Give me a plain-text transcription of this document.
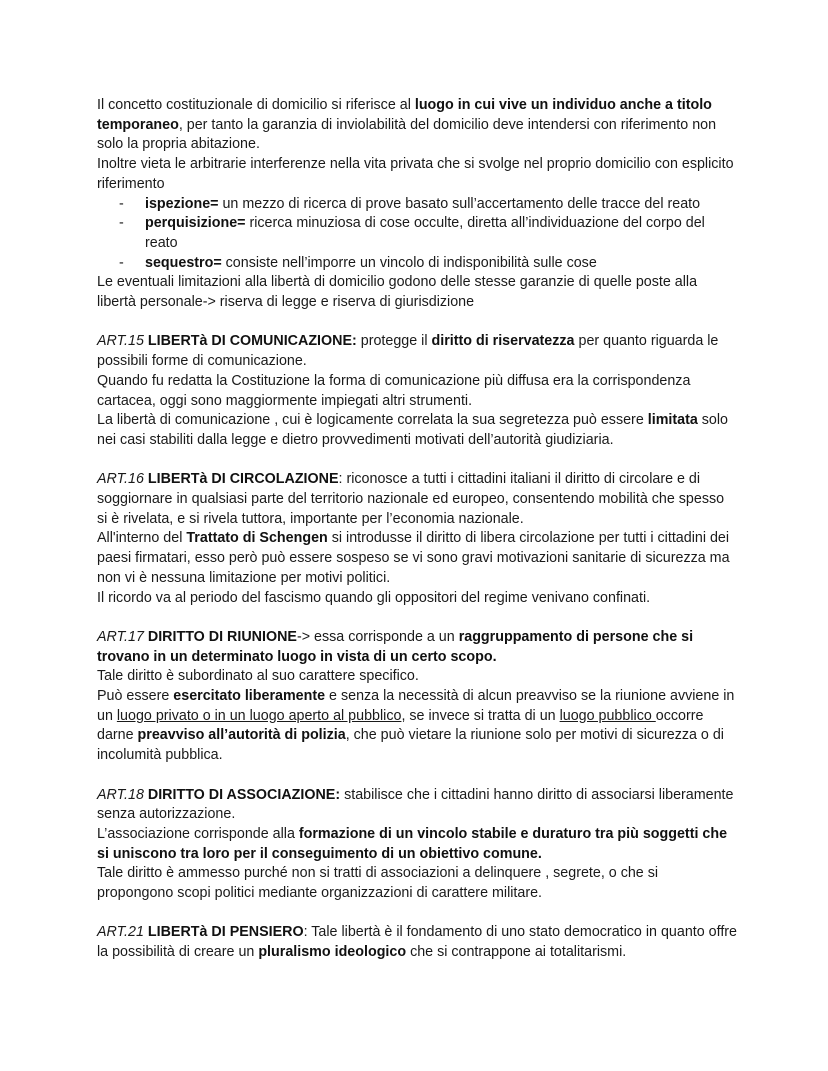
Il concetto costituzionale di domicilio si riferisce al luogo in cui vive un individuo anche a titolo temporaneo, per tanto la garanzia di inviolabilità del domicilio deve intendersi con riferimento non solo la propria abitazione.

Inoltre vieta le arbitrarie interferenze nella vita privata che si svolge nel proprio domicilio con esplicito riferimento

- ispezione= un mezzo di ricerca di prove basato sull’accertamento delle tracce del reato
- perquisizione= ricerca minuziosa di cose occulte, diretta all’individuazione del corpo del reato
- sequestro= consiste nell’imporre un vincolo di indisponibilità sulle cose

Le eventuali limitazioni alla libertà di domicilio godono delle stesse garanzie di quelle poste alla libertà personale-> riserva di legge e riserva di giurisdizione

ART.15 LIBERTà DI COMUNICAZIONE: protegge il diritto di riservatezza per quanto riguarda le possibili forme di comunicazione.

Quando fu redatta la Costituzione la forma di comunicazione più diffusa era la corrispondenza cartacea, oggi sono maggiormente impiegati altri strumenti.

La libertà di comunicazione , cui è logicamente correlata la sua segretezza può essere limitata solo nei casi stabiliti dalla legge e dietro provvedimenti motivati dell’autorità giudiziaria.

ART.16 LIBERTà DI CIRCOLAZIONE: riconosce a tutti i cittadini italiani il diritto di circolare e di soggiornare in qualsiasi parte del territorio nazionale ed europeo, consentendo mobilità che spesso si è rivelata, e si rivela tuttora, importante per l’economia nazionale.

All'interno del Trattato di Schengen si introdusse il diritto di libera circolazione per tutti i cittadini dei paesi firmatari, esso però può essere sospeso se vi sono gravi motivazioni sanitarie di sicurezza ma non vi è nessuna limitazione per motivi politici.

Il ricordo va al periodo del fascismo quando gli oppositori del regime venivano confinati.

ART.17 DIRITTO DI RIUNIONE-> essa corrisponde a un raggruppamento di persone che si trovano in un determinato luogo in vista di un certo scopo.

Tale diritto è subordinato al suo carattere specifico.

Può essere esercitato liberamente e senza la necessità di alcun preavviso se la riunione avviene in un luogo privato o in un luogo aperto al pubblico, se invece si tratta di un luogo pubblico occorre darne preavviso all’autorità di polizia, che può vietare la riunione solo per motivi di sicurezza o di incolumità pubblica.

ART.18 DIRITTO DI ASSOCIAZIONE: stabilisce che i cittadini hanno diritto di associarsi liberamente senza autorizzazione.

L’associazione corrisponde alla formazione di un vincolo stabile e duraturo tra più soggetti che si uniscono tra loro per il conseguimento di un obiettivo comune.

Tale diritto è ammesso purché non si tratti di associazioni a delinquere , segrete, o che si propongono scopi politici mediante organizzazioni di carattere militare.

ART.21 LIBERTà DI PENSIERO: Tale libertà è il fondamento di uno stato democratico in quanto offre la possibilità di creare un pluralismo ideologico che si contrappone ai totalitarismi.
